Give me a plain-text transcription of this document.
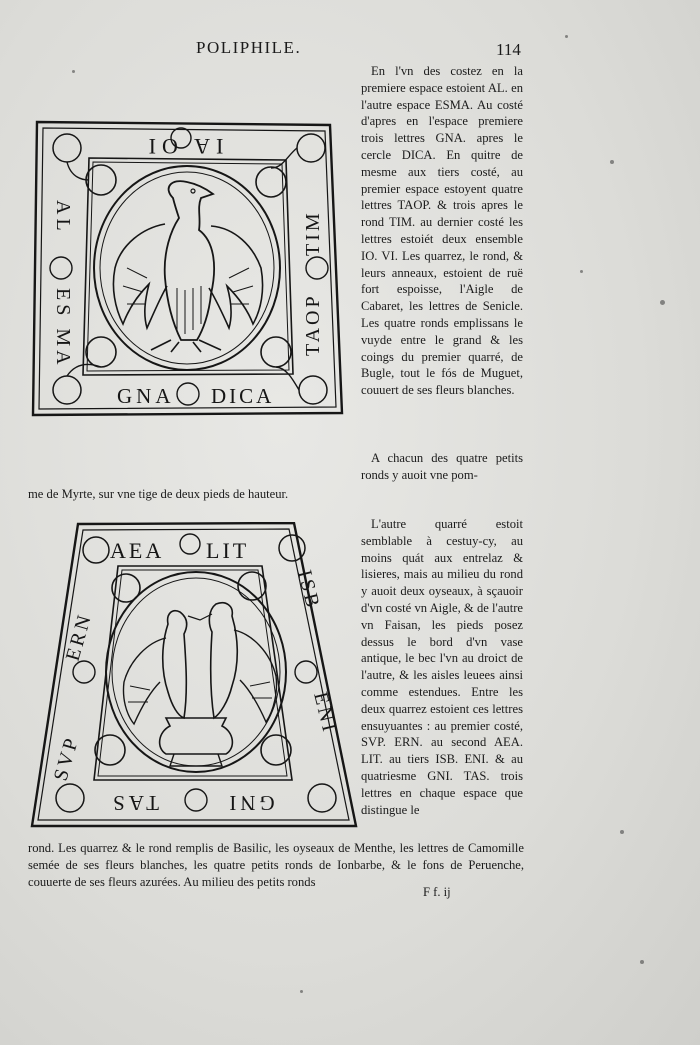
POLIPHILE.	114
IA OI
AL
ES MA
TIM
TAOP
GNA DICA

En l'vn des costez en la premiere espace estoient AL. en l'autre espace ESMA. Au costé d'apres en l'espace premiere trois lettres GNA. apres le cercle DICA. En quitre de mesme aux tiers costé, au premier espace estoyent quatre lettres TAOP. & trois apres le rond TIM. au dernier costé les lettres estoiét deux ensemble IO. VI. Les quarrez, le rond, & leurs anneaux, estoient de ruë fort espoisse, l'Aigle de Cabaret, les lettres de Senicle. Les quatre ronds emplissans le vuyde entre le grand & les coings du premier quarré, de Bugle, tout le fós de Muguet, couuert de ses fleurs blanches.

A chacun des quatre petits ronds y auoit vne pom-

me de Myrte, sur vne tige de deux pieds de hauteur.
AEA LIT
ERN
SVP
ISB
ENI
TAS	GNI

L'autre quarré estoit semblable à cestuy-cy, au moins quát aux entrelaz & lisieres, mais au milieu du rond y auoit deux oyseaux, à sçauoir d'vn costé vn Aigle, & de l'autre vn Faisan, les pieds posez dessus le bord d'vn vase antique, le bec l'vn au droict de l'autre, & les aisles leuees ainsi comme estendues. Entre les deux quarrez estoient ces lettres ensuyuantes : au premier costé, SVP. ERN. au second AEA. LIT. au tiers ISB. ENI. & au quatriesme GNI. TAS. trois lettres en chaque espace que distingue le

rond. Les quarrez & le rond remplis de Basilic, les oyseaux de Menthe, les lettres de Camomille semée de ses fleurs blanches, les quatre petits ronds de Ionbarbe, & le fons de Peruenche, couuerte de ses fleurs azurées. Au milieu des petits ronds
F f. ij
